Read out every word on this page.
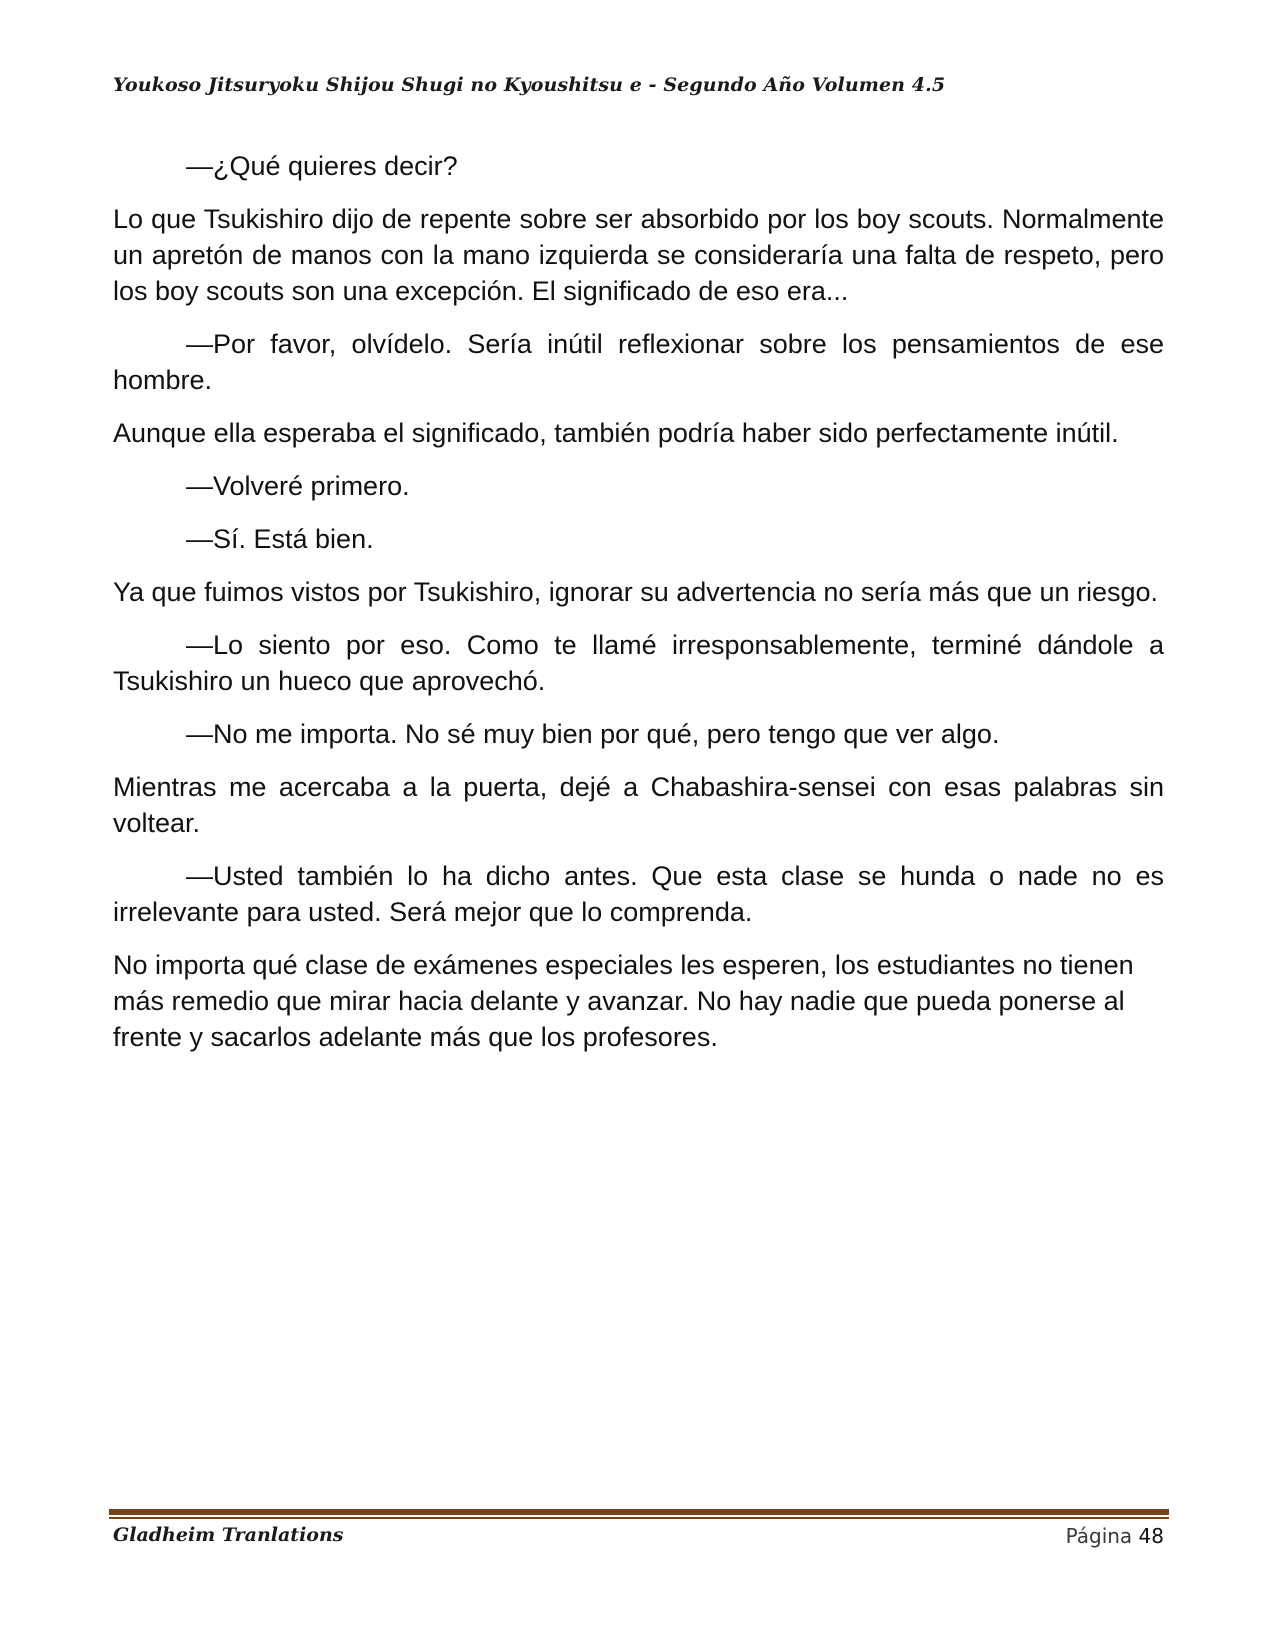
Youkoso Jitsuryoku Shijou Shugi no Kyoushitsu e - Segundo Año Volumen 4.5

—¿Qué quieres decir?

Lo que Tsukishiro dijo de repente sobre ser absorbido por los boy scouts. Normalmente un apretón de manos con la mano izquierda se consideraría una falta de respeto, pero los boy scouts son una excepción. El significado de eso era...

—Por favor, olvídelo. Sería inútil reflexionar sobre los pensamientos de ese hombre.

Aunque ella esperaba el significado, también podría haber sido perfectamente inútil.

—Volveré primero.

—Sí. Está bien.

Ya que fuimos vistos por Tsukishiro, ignorar su advertencia no sería más que un riesgo.

—Lo siento por eso. Como te llamé irresponsablemente, terminé dándole a Tsukishiro un hueco que aprovechó.

—No me importa. No sé muy bien por qué, pero tengo que ver algo.

Mientras me acercaba a la puerta, dejé a Chabashira-sensei con esas palabras sin voltear.

—Usted también lo ha dicho antes. Que esta clase se hunda o nade no es irrelevante para usted. Será mejor que lo comprenda.

No importa qué clase de exámenes especiales les esperen, los estudiantes no tienen más remedio que mirar hacia delante y avanzar. No hay nadie que pueda ponerse al frente y sacarlos adelante más que los profesores.

Gladheim Tranlations	Página 48
